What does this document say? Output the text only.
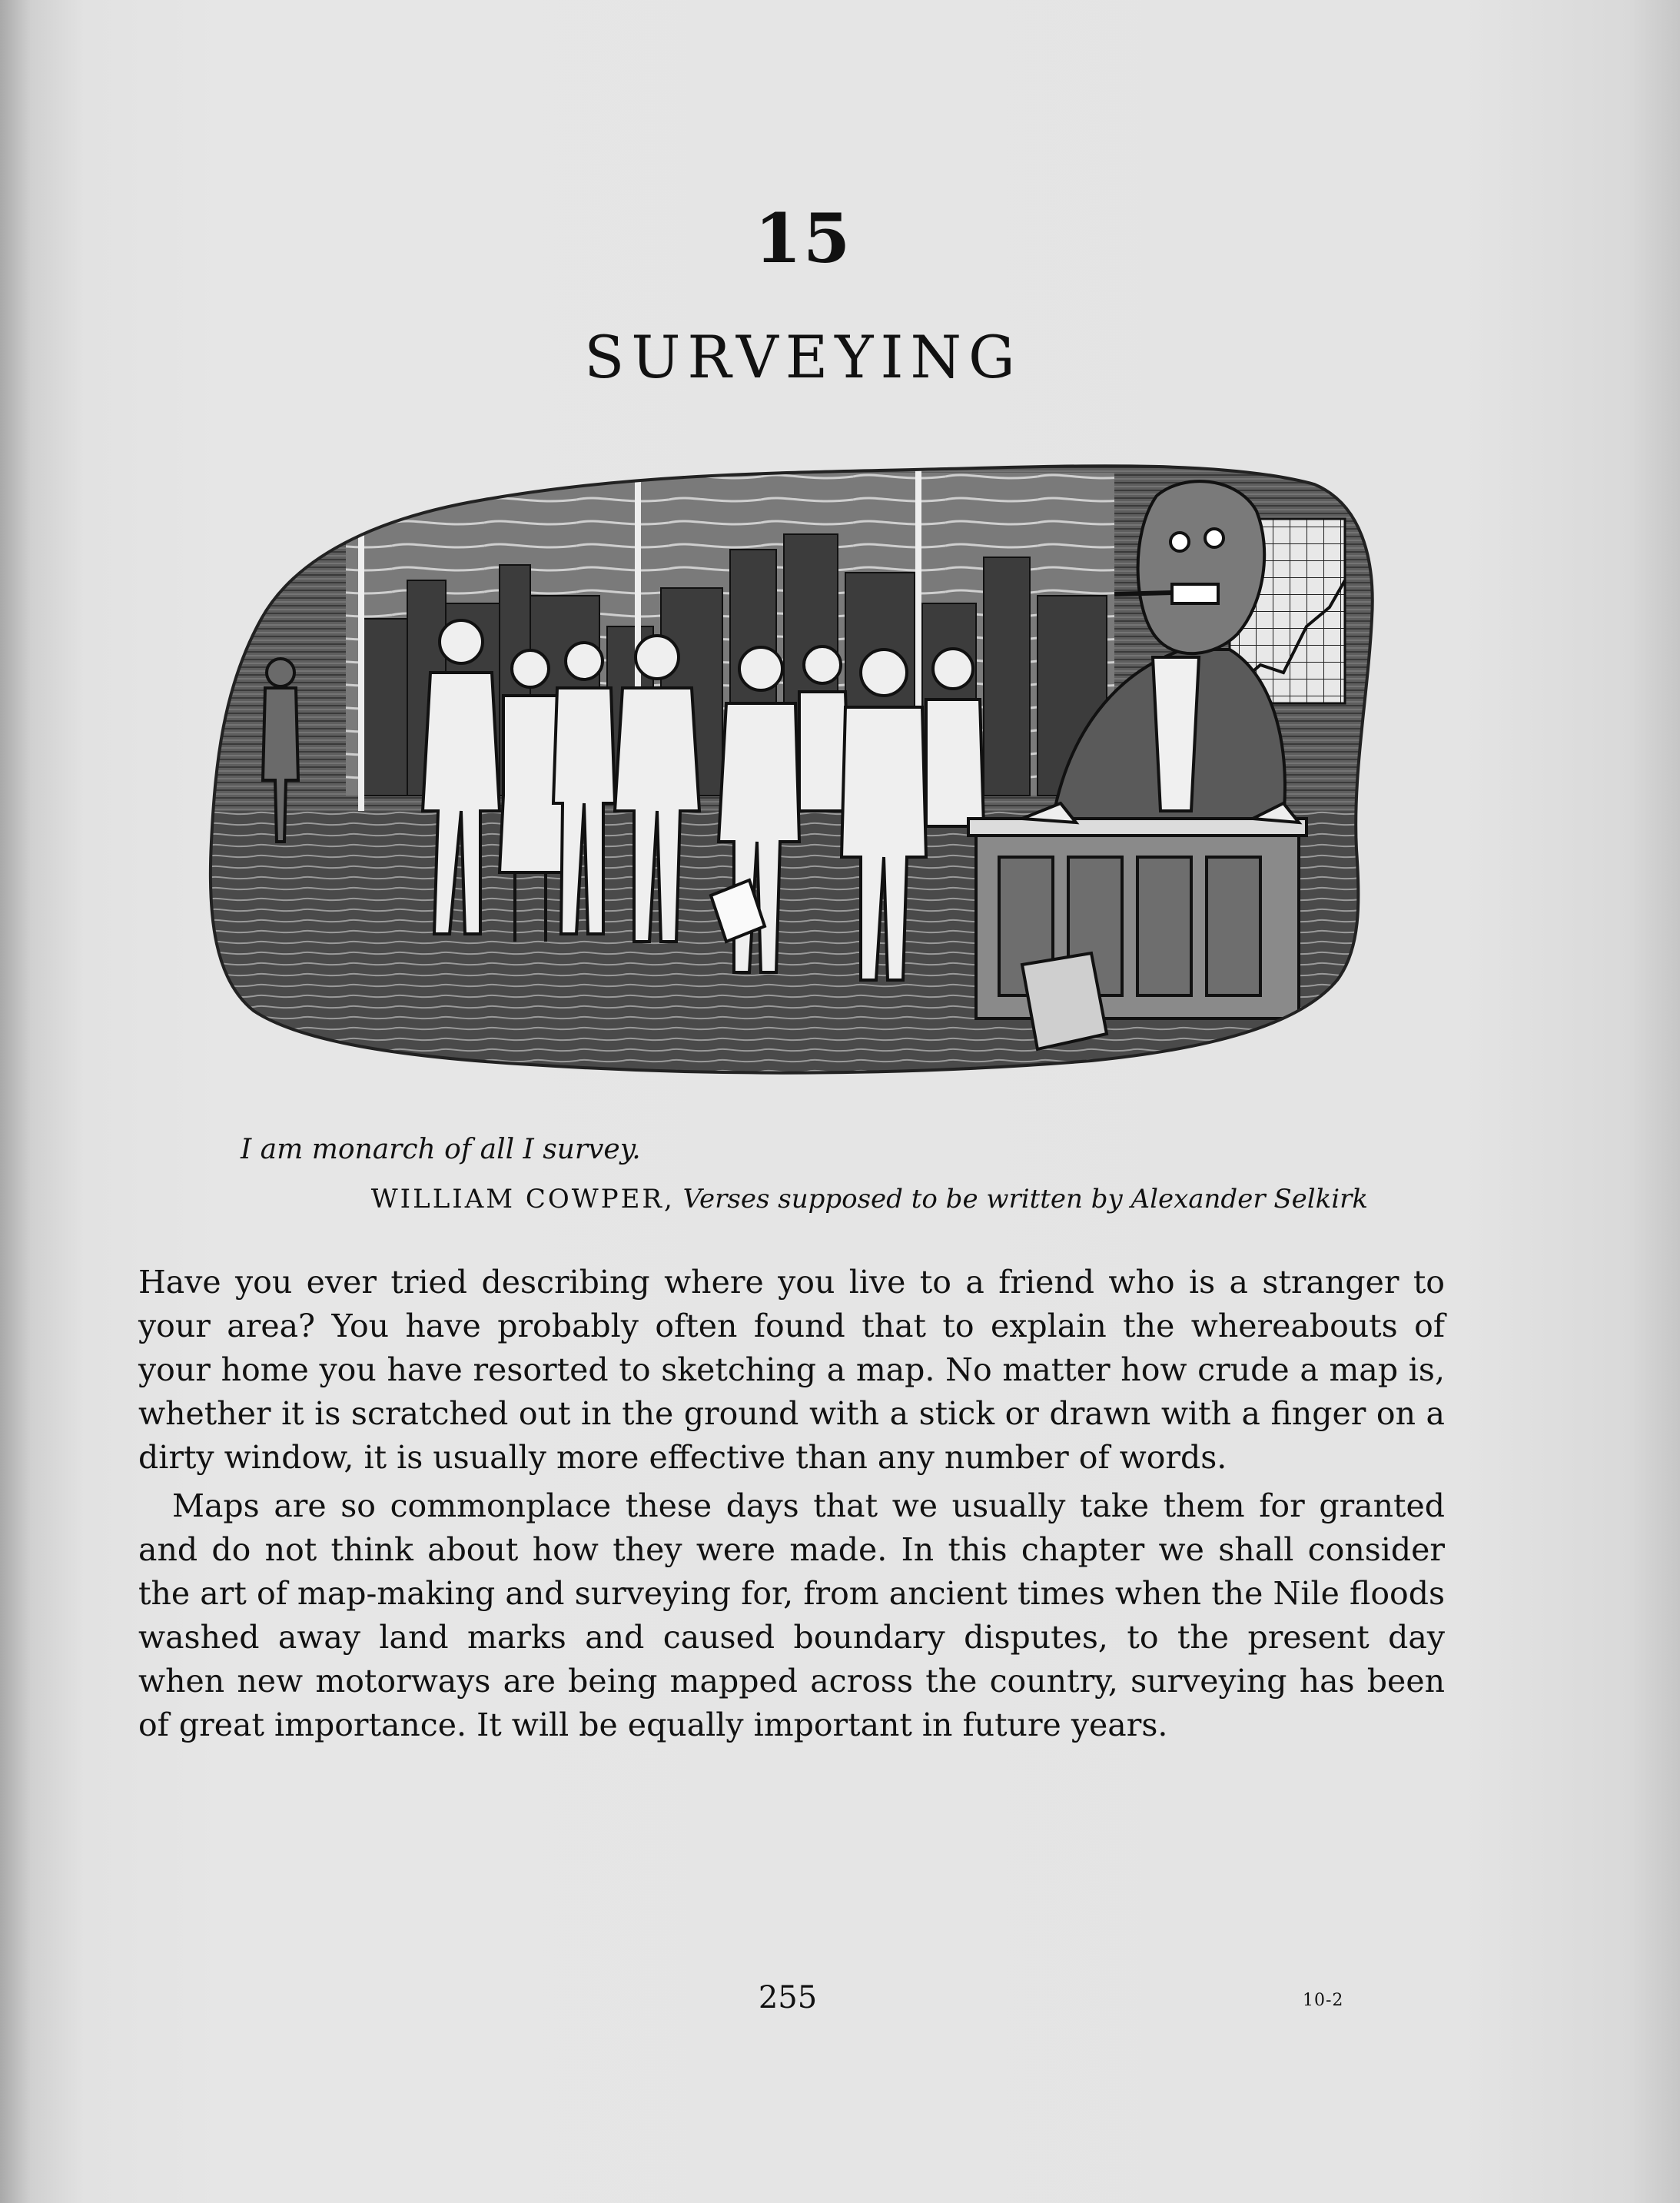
15
SURVEYING
I am monarch of all I survey.
WILLIAM COWPER, Verses supposed to be written by Alexander Selkirk

Have you ever tried describing where you live to a friend who is a stranger to your area? You have probably often found that to explain the whereabouts of your home you have resorted to sketching a map. No matter how crude a map is, whether it is scratched out in the ground with a stick or drawn with a finger on a dirty window, it is usually more effective than any number of words.

Maps are so commonplace these days that we usually take them for granted and do not think about how they were made. In this chapter we shall consider the art of map-making and surveying for, from ancient times when the Nile floods washed away land marks and caused boundary disputes, to the present day when new motorways are being mapped across the country, surveying has been of great importance. It will be equally important in future years.

255	10-2
